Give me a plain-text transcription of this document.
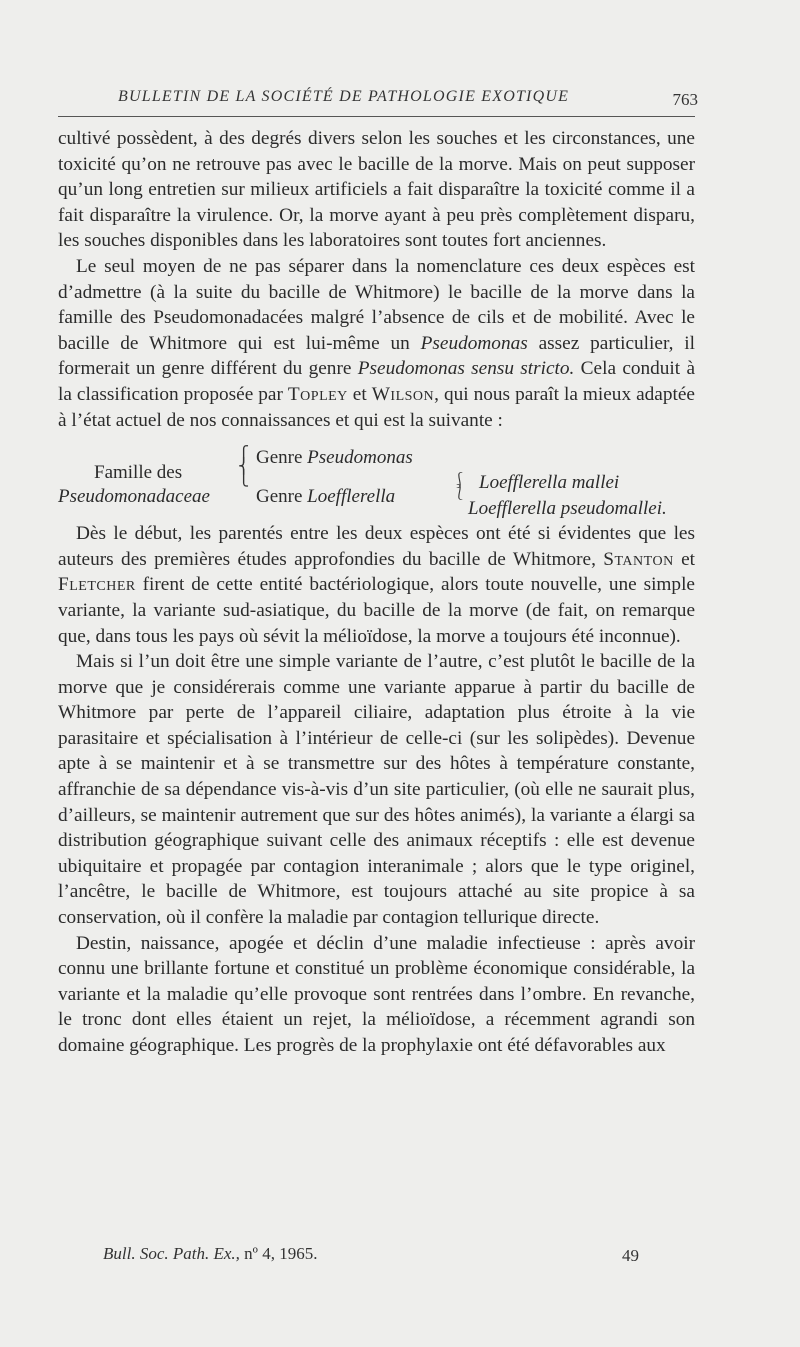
BULLETIN DE LA SOCIÉTÉ DE PATHOLOGIE EXOTIQUE	763

cultivé possèdent, à des degrés divers selon les souches et les circonstances, une toxicité qu’on ne retrouve pas avec le bacille de la morve. Mais on peut supposer qu’un long entretien sur milieux artificiels a fait disparaître la toxicité comme il a fait disparaître la virulence. Or, la morve ayant à peu près complètement disparu, les souches disponibles dans les laboratoires sont toutes fort anciennes.

Le seul moyen de ne pas séparer dans la nomenclature ces deux espèces est d’admettre (à la suite du bacille de Whitmore) le bacille de la morve dans la famille des Pseudomonadacées malgré l’absence de cils et de mobilité. Avec le bacille de Whitmore qui est lui-même un Pseudomonas assez particulier, il formerait un genre différent du genre Pseudomonas sensu stricto. Cela conduit à la classification proposée par Topley et Wilson, qui nous paraît la mieux adaptée à l’état actuel de nos connaissances et qui est la suivante :

Famille des
Pseudomonadaceae
⎧
⎨
⎩
Genre Pseudomonas
Genre Loefflerella
⎰
⎱ Loefflerella mallei
Loefflerella pseudomallei.

Dès le début, les parentés entre les deux espèces ont été si évidentes que les auteurs des premières études approfondies du bacille de Whitmore, Stanton et Fletcher firent de cette entité bactériologique, alors toute nouvelle, une simple variante, la variante sud-asiatique, du bacille de la morve (de fait, on remarque que, dans tous les pays où sévit la mélioïdose, la morve a toujours été inconnue).

Mais si l’un doit être une simple variante de l’autre, c’est plutôt le bacille de la morve que je considérerais comme une variante apparue à partir du bacille de Whitmore par perte de l’appareil ciliaire, adaptation plus étroite à la vie parasitaire et spécialisation à l’intérieur de celle-ci (sur les solipèdes). Devenue apte à se maintenir et à se transmettre sur des hôtes à température constante, affranchie de sa dépendance vis-à-vis d’un site particulier, (où elle ne saurait plus, d’ailleurs, se maintenir autrement que sur des hôtes animés), la variante a élargi sa distribution géographique suivant celle des animaux réceptifs : elle est devenue ubiquitaire et propagée par contagion interanimale ; alors que le type originel, l’ancêtre, le bacille de Whitmore, est toujours attaché au site propice à sa conservation, où il confère la maladie par contagion tellurique directe.

Destin, naissance, apogée et déclin d’une maladie infectieuse : après avoir connu une brillante fortune et constitué un problème économique considérable, la variante et la maladie qu’elle provoque sont rentrées dans l’ombre. En revanche, le tronc dont elles étaient un rejet, la mélioïdose, a récemment agrandi son domaine géographique. Les progrès de la prophylaxie ont été défavorables aux

Bull. Soc. Path. Ex., nº 4, 1965.	49
